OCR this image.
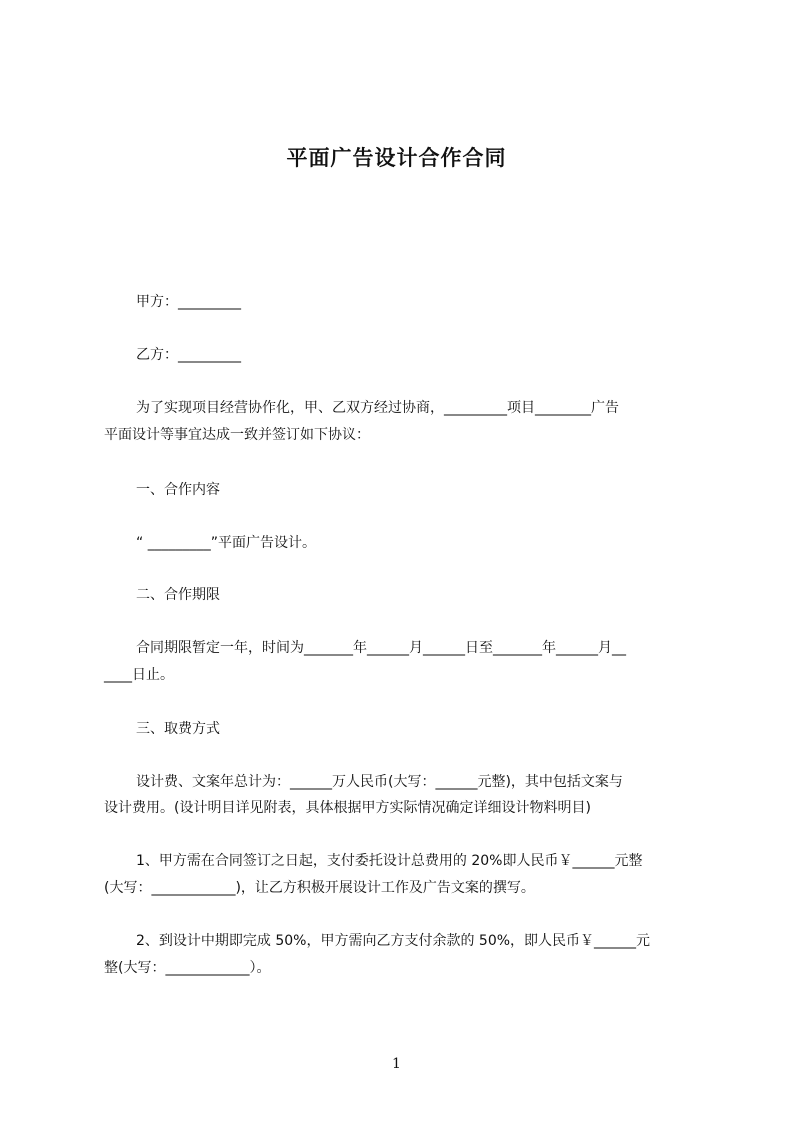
平面广告设计合作合同
甲方：_________
乙方：_________
为了实现项目经营协作化，甲、乙双方经过协商，_________项目________广告
平面设计等事宜达成一致并签订如下协议：
一、合作内容
“ _________”平面广告设计。
二、合作期限
合同期限暂定一年，时间为_______年______月______日至_______年______月__
____日止。
三、取费方式
设计费、文案年总计为：______万人民币(大写：______元整)，其中包括文案与
设计费用。(设计明目详见附表，具体根据甲方实际情况确定详细设计物料明目)
1、甲方需在合同签订之日起，支付委托设计总费用的 20%即人民币￥______元整
(大写：____________)，让乙方积极开展设计工作及广告文案的撰写。
2、到设计中期即完成 50%，甲方需向乙方支付余款的 50%，即人民币￥______元
整(大写：____________）。
1
